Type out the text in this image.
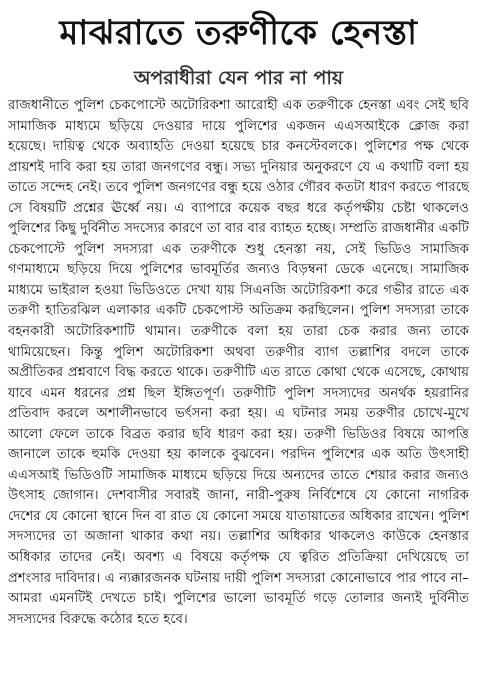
মাঝরাতে তরুণীকে হেনস্তা
অপরাধীরা যেন পার না পায়

রাজধানীতে পুলিশ চেকপোস্টে অটোরিকশা আরোহী এক তরুণীকে হেনস্তা এবং সেই ছবি সামাজিক মাধ্যমে ছড়িয়ে দেওয়ার দায়ে পুলিশের একজন এএসআইকে ক্লোজ করা হয়েছে। দায়িত্ব থেকে অব্যাহতি দেওয়া হয়েছে চার কনস্টেবলকে। পুলিশের পক্ষ থেকে প্রায়শই দাবি করা হয় তারা জনগণের বন্ধু। সভ্য দুনিয়ার অনুকরণে যে এ কথাটি বলা হয় তাতে সন্দেহ নেই। তবে পুলিশ জনগণের বন্ধু হয়ে ওঠার গৌরব কতটা ধারণ করতে পারছে সে বিষয়টি প্রশ্নের ঊর্ধ্বে নয়। এ ব্যাপারে কয়েক বছর ধরে কর্তৃপক্ষীয় চেষ্টা থাকলেও পুলিশের কিছু দুর্বিনীত সদস্যের কারণে তা বার বার ব্যাহত হচ্ছে। সম্প্রতি রাজধানীর একটি চেকপোস্টে পুলিশ সদস্যরা এক তরুণীকে শুধু হেনস্তা নয়, সেই ভিডিও সামাজিক গণমাধ্যমে ছড়িয়ে দিয়ে পুলিশের ভাবমূর্তির জন্যও বিড়ম্বনা ডেকে এনেছে। সামাজিক মাধ্যমে ভাইরাল হওয়া ভিডিওতে দেখা যায় সিএনজি অটোরিকশা করে গভীর রাতে এক তরুণী হাতিরঝিল এলাকার একটি চেকপোস্ট অতিক্রম করছিলেন। পুলিশ সদস্যরা তাকে বহনকারী অটোরিকশাটি থামান। তরুণীকে বলা হয় তারা চেক করার জন্য তাকে থামিয়েছেন। কিন্তু পুলিশ অটোরিকশা অথবা তরুণীর ব্যাগ তল্লাশির বদলে তাকে অপ্রীতিকর প্রশ্নবাণে বিদ্ধ করতে থাকে। তরুণীটি এত রাতে কোথা থেকে এসেছে, কোথায় যাবে এমন ধরনের প্রশ্ন ছিল ইঙ্গিতপূর্ণ। তরুণীটি পুলিশ সদস্যদের অনর্থক হয়রানির প্রতিবাদ করলে অশালীনভাবে ভর্ৎসনা করা হয়। এ ঘটনার সময় তরুণীর চোখে-মুখে আলো ফেলে তাকে বিব্রত করার ছবি ধারণ করা হয়। তরুণী ভিডিওর বিষয়ে আপত্তি জানালে তাকে হুমকি দেওয়া হয় কালকে বুঝবেন। পরদিন পুলিশের এক অতি উৎসাহী এএসআই ভিডিওটি সামাজিক মাধ্যমে ছড়িয়ে দিয়ে অন্যদের তাতে শেয়ার করার জন্যও উৎসাহ জোগান। দেশবাসীর সবারই জানা, নারী-পুরুষ নির্বিশেষে যে কোনো নাগরিক দেশের যে কোনো স্থানে দিন বা রাত যে কোনো সময়ে যাতায়াতের অধিকার রাখেন। পুলিশ সদস্যদের তা অজানা থাকার কথা নয়। তল্লাশির অধিকার থাকলেও কাউকে হেনস্তার অধিকার তাদের নেই। অবশ্য এ বিষয়ে কর্তৃপক্ষ যে ত্বরিত প্রতিক্রিয়া দেখিয়েছে তা প্রশংসার দাবিদার। এ ন্যক্কারজনক ঘটনায় দায়ী পুলিশ সদস্যরা কোনোভাবে পার পাবে না– আমরা এমনটিই দেখতে চাই। পুলিশের ভালো ভাবমূর্তি গড়ে তোলার জন্যই দুর্বিনীত সদস্যদের বিরুদ্ধে কঠোর হতে হবে।
